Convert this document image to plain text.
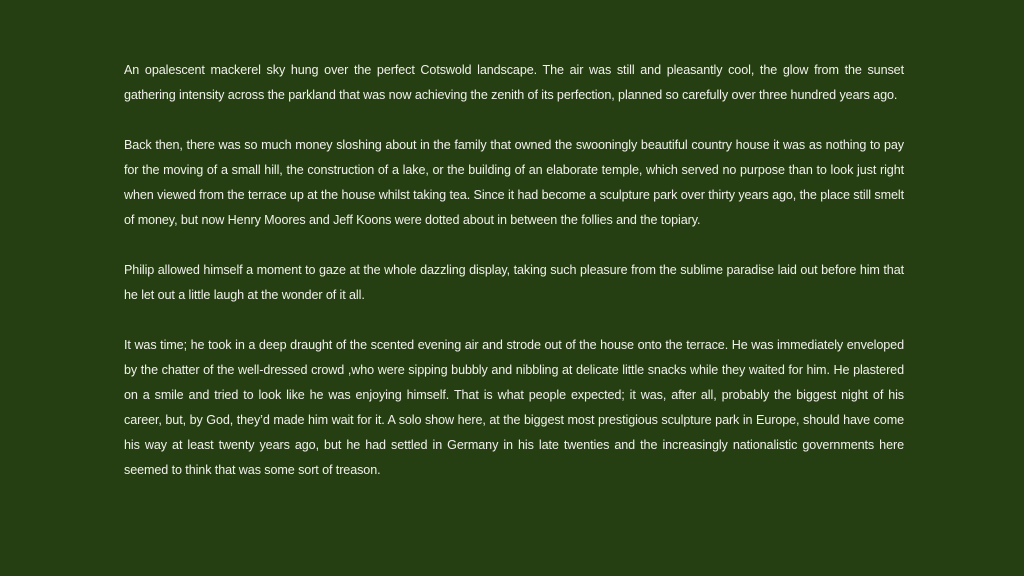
An opalescent mackerel sky hung over the perfect Cotswold landscape. The air was still and pleasantly cool, the glow from the sunset gathering intensity across the parkland that was now achieving the zenith of its perfection, planned so carefully over three hundred years ago.

Back then, there was so much money sloshing about in the family that owned the swooningly beautiful country house it was as nothing to pay for the moving of a small hill, the construction of a lake, or the building of an elaborate temple, which served no purpose than to look just right when viewed from the terrace up at the house whilst taking tea. Since it had become a sculpture park over thirty years ago, the place still smelt of money, but now Henry Moores and Jeff Koons were dotted about in between the follies and the topiary.

Philip allowed himself a moment to gaze at the whole dazzling display, taking such pleasure from the sublime paradise laid out before him that he let out a little laugh at the wonder of it all.

It was time; he took in a deep draught of the scented evening air and strode out of the house onto the terrace. He was immediately enveloped by the chatter of the well-dressed crowd ,who were sipping bubbly and nibbling at delicate little snacks while they waited for him. He plastered on a smile and tried to look like he was enjoying himself. That is what people expected; it was, after all, probably the biggest night of his career, but, by God, they’d made him wait for it. A solo show here, at the biggest most prestigious sculpture park in Europe, should have come his way at least twenty years ago, but he had settled in Germany in his late twenties and the increasingly nationalistic governments here seemed to think that was some sort of treason.
